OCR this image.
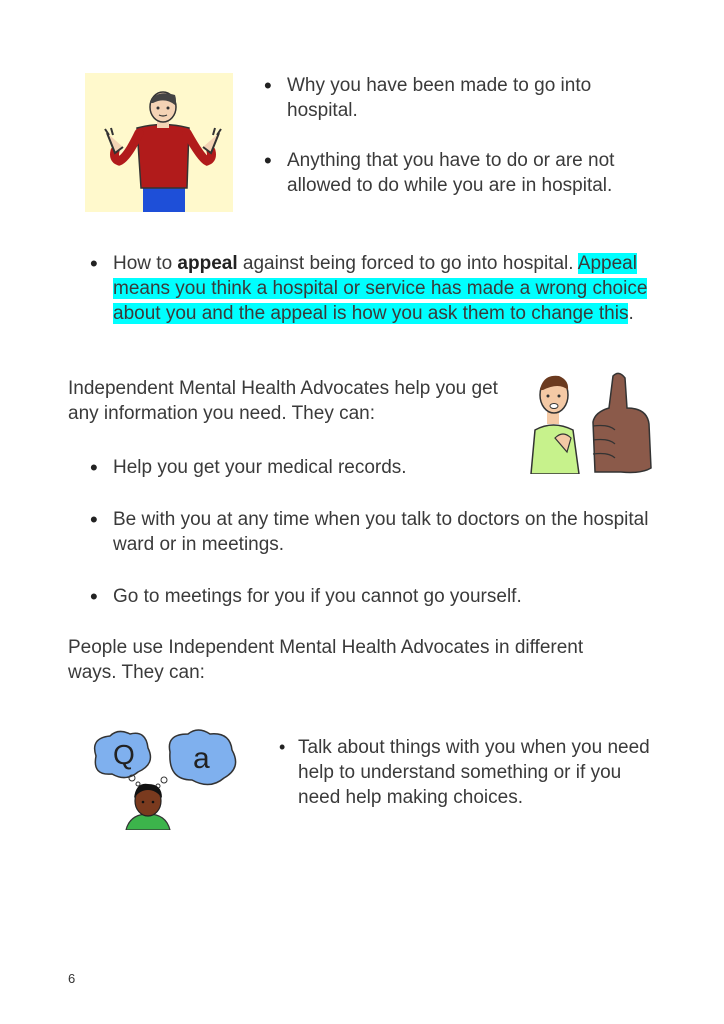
• Why you have been made to go into hospital.
• Anything that you have to do or are not allowed to do while you are in hospital.
• How to appeal against being forced to go into hospital. Appeal means you think a hospital or service has made a wrong choice about you and the appeal is how you ask them to change this.
Independent Mental Health Advocates help you get any information you need. They can:
• Help you get your medical records.
• Be with you at any time when you talk to doctors on the hospital ward or in meetings.
• Go to meetings for you if you cannot go yourself.
People use Independent Mental Health Advocates in different ways. They can:
Q a	• Talk about things with you when you need help to understand something or if you need help making choices.
6
